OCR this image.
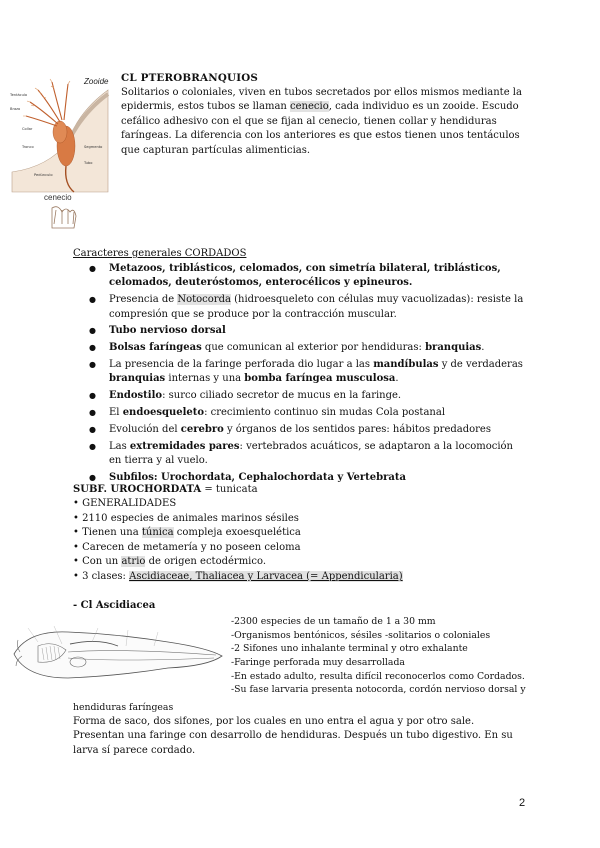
Tentáculo
Brazo
Collar
Tronco	Segmento
Tubo
Pedúnculo
Zooide
cenecio
CL PTEROBRANQUIOS
Solitarios o coloniales, viven en tubos secretados por ellos mismos mediante la epidermis, estos tubos se llaman cenecio, cada individuo es un zooide. Escudo cefálico adhesivo con el que se fijan al cenecio, tienen collar y hendiduras faríngeas. La diferencia con los anteriores es que estos tienen unos tentáculos que capturan partículas alimenticias.
Caracteres generales CORDADOS
● Metazoos, triblásticos, celomados, con simetría bilateral, triblásticos, celomados, deuteróstomos, enterocélicos y epineuros.
● Presencia de Notocorda (hidroesqueleto con células muy vacuolizadas): resiste la compresión que se produce por la contracción muscular.
● Tubo nervioso dorsal
● Bolsas faríngeas que comunican al exterior por hendiduras: branquias.
● La presencia de la faringe perforada dio lugar a las mandíbulas y de verdaderas branquias internas y una bomba faríngea musculosa.
● Endostilo: surco ciliado secretor de mucus en la faringe.
● El endoesqueleto: crecimiento continuo sin mudas Cola postanal
● Evolución del cerebro y órganos de los sentidos pares: hábitos predadores
● Las extremidades pares: vertebrados acuáticos, se adaptaron a la locomoción en tierra y al vuelo.
● Subfilos: Urochordata, Cephalochordata y Vertebrata
SUBF. UROCHORDATA = tunicata
• GENERALIDADES
• 2110 especies de animales marinos sésiles
• Tienen una túnica compleja exoesquelética
• Carecen de metamería y no poseen celoma
• Con un atrio de origen ectodérmico.
• 3 clases: Ascidiaceae, Thaliacea y Larvacea (= Appendicularia)
- Cl Ascidiacea
-2300 especies de un tamaño de 1 a 30 mm
-Organismos bentónicos, sésiles -solitarios o coloniales
-2 Sifones uno inhalante terminal y otro exhalante
-Faringe perforada muy desarrollada
-En estado adulto, resulta difícil reconocerlos como Cordados.
-Su fase larvaria presenta notocorda, cordón nervioso dorsal y
hendiduras faríngeas
Forma de saco, dos sifones, por los cuales en uno entra el agua y por otro sale. Presentan una faringe con desarrollo de hendiduras. Después un tubo digestivo. En su larva sí parece cordado.
2
